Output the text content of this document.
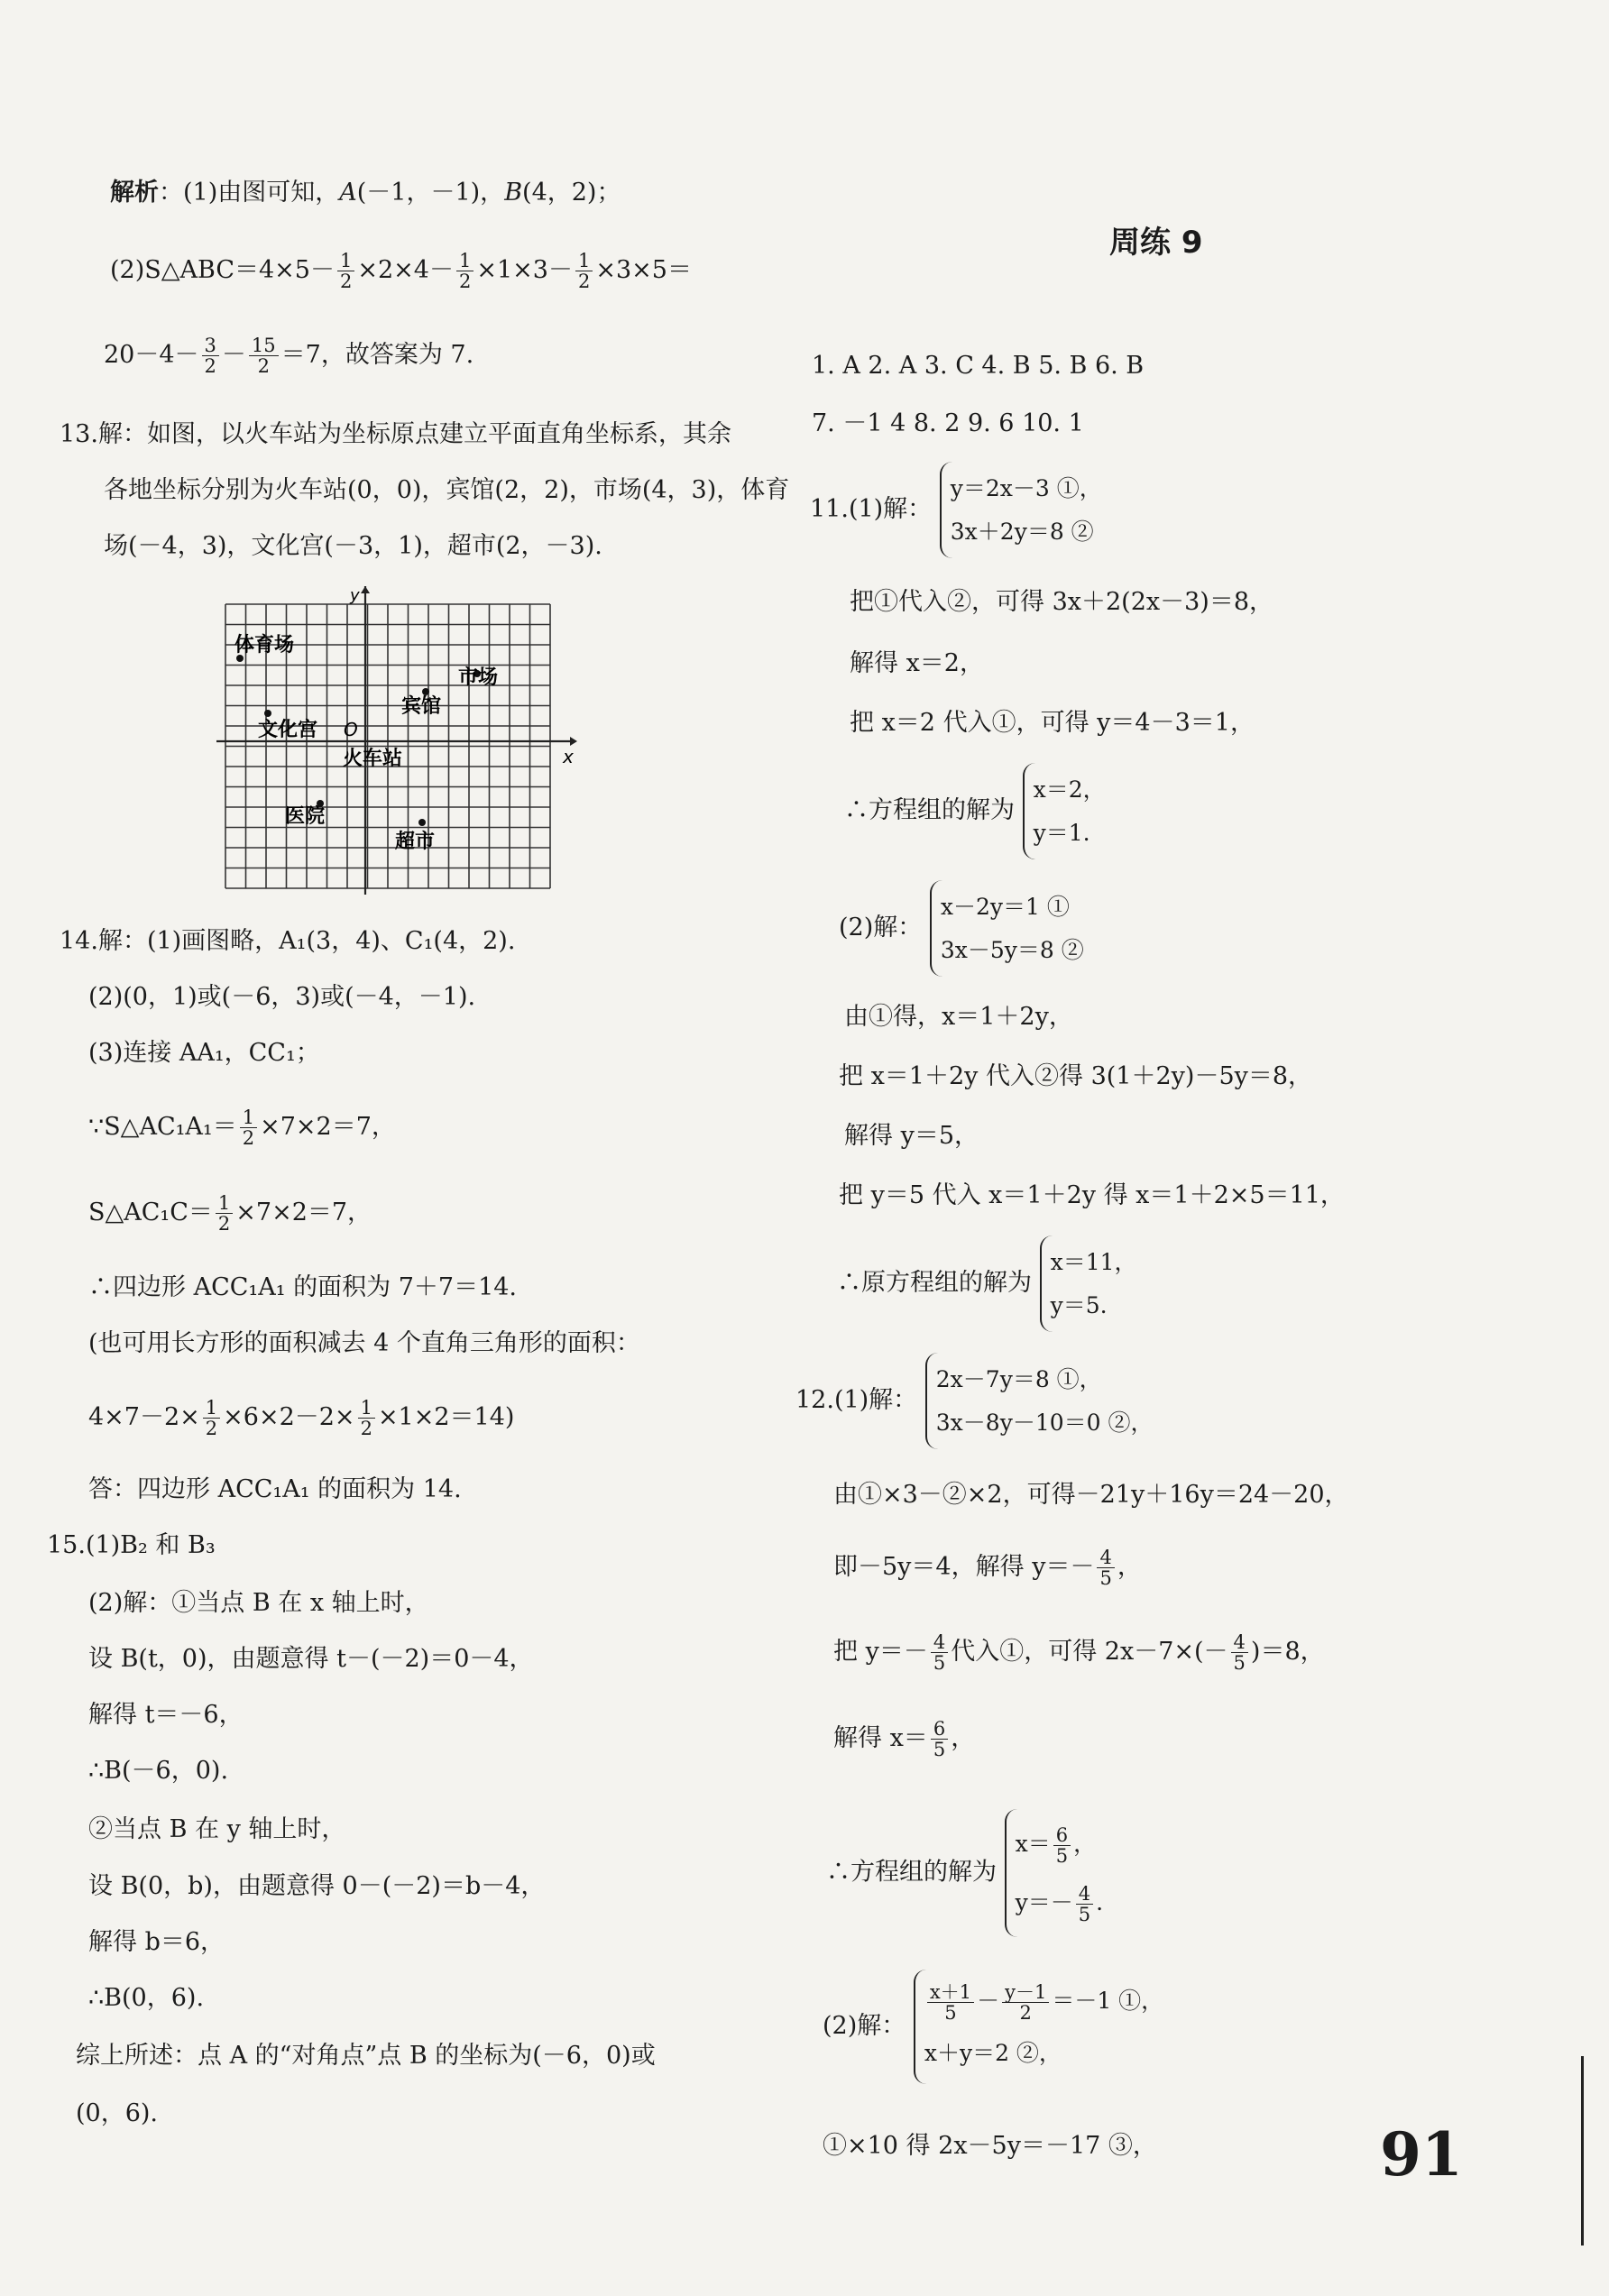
解析：(1)由图可知，A(－1，－1)，B(4，2)；
(2)S△ABC＝4×5－ $\frac{1}{2} \times 2\times 4- \frac{1}{2} \times 1\times 3- \frac{1}{2} \times 3\times 5=$
$20-4- \frac{3}{2} - \frac{15}{2} =7$，故答案为 7.
13.解：如图，以火车站为坐标原点建立平面直角坐标系，其余
各地坐标分别为火车站(0，0)，宾馆(2，2)，市场(4，3)，体育
场(－4，3)，文化宫(－3，1)，超市(2，－3).
x
y
体育场
市场
宾馆
文化宫 O
火车站
医院
超市
14.解：(1)画图略，A₁(3，4)、C₁(4，2).
(2)(0，1)或(－6，3)或(－4，－1).
(3)连接 AA₁，CC₁；
∵S△AC₁A₁＝ $\frac{1}{2} \times 7\times 2=7$，
S△AC₁C＝ $\frac{1}{2} \times 7\times 2=7$，
∴四边形 ACC₁A₁ 的面积为 7＋7＝14.
(也可用长方形的面积减去 4 个直角三角形的面积：
$4\times 7-2\times \frac{1}{2} \times 6\times 2-2\times \frac{1}{2} \times 1\times 2=14$)
答：四边形 ACC₁A₁ 的面积为 14.
15.(1)B₂ 和 B₃
(2)解：①当点 B 在 x 轴上时，
设 B(t，0)，由题意得 t－(－2)＝0－4，
解得 t＝－6，
∴B(－6，0).
②当点 B 在 y 轴上时，
设 B(0，b)，由题意得 0－(－2)＝b－4，
解得 b＝6，
∴B(0，6).
综上所述：点 A 的“对角点”点 B 的坐标为(－6，0)或
(0，6).
周练 9
1. A 2. A 3. C 4. B 5. B 6. B
7. －1 4 8. 2 9. 6 10. 1
11.(1)解：
y＝2x－3 ①，
3x＋2y＝8 ②
把①代入②，可得 3x＋2(2x－3)＝8，
解得 x＝2，
把 x＝2 代入①，可得 y＝4－3＝1，
∴方程组的解为
x＝2，
y＝1.
(2)解：
x－2y＝1 ①
3x－5y＝8 ②
由①得，x＝1＋2y，
把 x＝1＋2y 代入②得 3(1＋2y)－5y＝8，
解得 y＝5，
把 y＝5 代入 x＝1＋2y 得 x＝1＋2×5＝11，
∴原方程组的解为
x＝11，
y＝5.
12.(1)解：
2x－7y＝8 ①，
3x－8y－10＝0 ②，
由①×3－②×2，可得－21y＋16y＝24－20，
即－5y＝4，解得 $y=- \frac{4}{5}$ ，
把 $y=- \frac{4}{5}$ 代入①，可得 $2x-7\times(- \frac{4}{5} )=8$，
解得 $x= \frac{6}{5}$ ，
∴方程组的解为
$x= \frac{6}{5}$ ，
$y=- \frac{4}{5}$ .
(2)解：
$\frac{x+1}{5} - \frac{y-1}{2} =-1$ ①，
x＋y＝2 ②，
①×10 得 2x－5y＝－17 ③，	91
